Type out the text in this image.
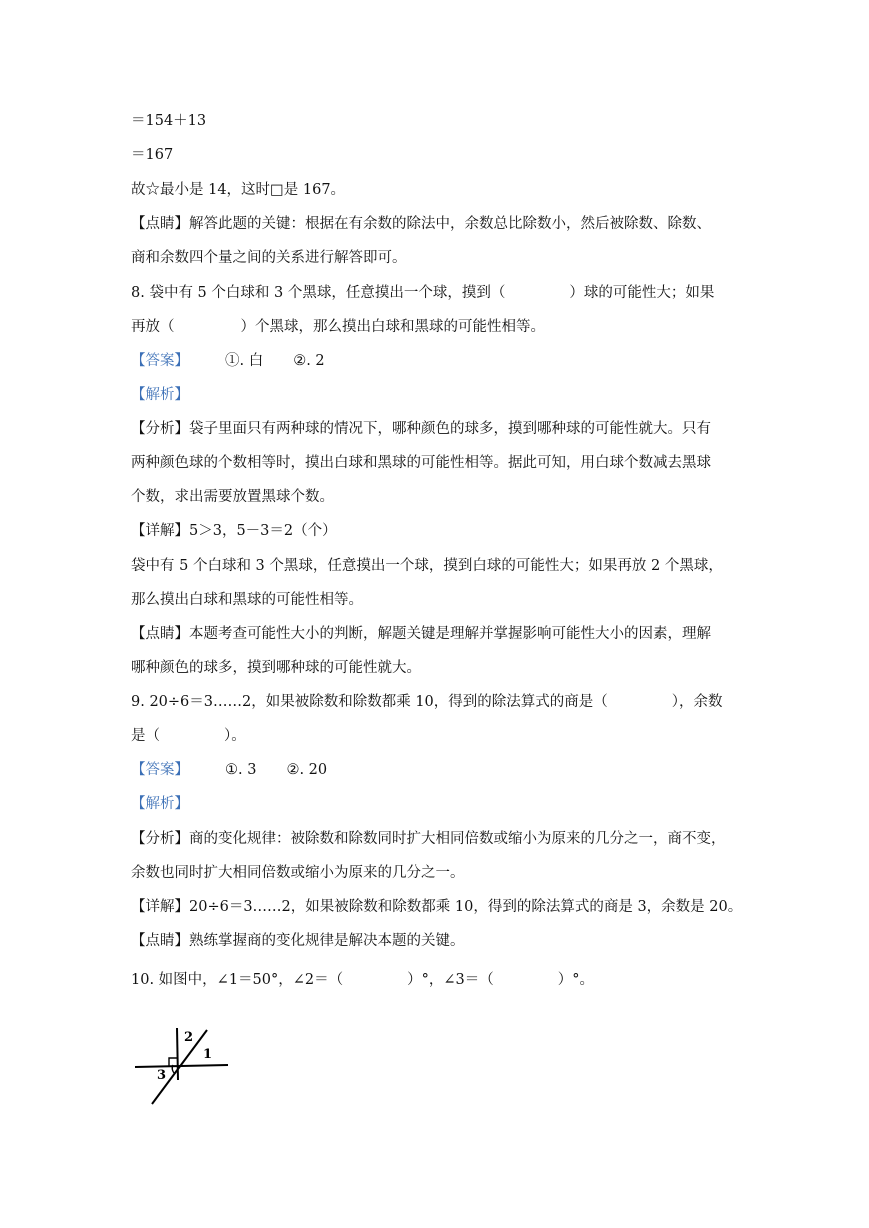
＝154＋13
＝167
故☆最小是 14，这时□是 167。
【点睛】解答此题的关键：根据在有余数的除法中，余数总比除数小，然后被除数、除数、
商和余数四个量之间的关系进行解答即可。
8. 袋中有 5 个白球和 3 个黑球，任意摸出一个球，摸到（	）球的可能性大；如果
再放（	）个黑球，那么摸出白球和黑球的可能性相等。
【答案】 ①. 白 ②. 2
【解析】
【分析】袋子里面只有两种球的情况下，哪种颜色的球多，摸到哪种球的可能性就大。只有
两种颜色球的个数相等时，摸出白球和黑球的可能性相等。据此可知，用白球个数减去黑球
个数，求出需要放置黑球个数。
【详解】5＞3，5－3＝2（个）
袋中有 5 个白球和 3 个黑球，任意摸出一个球，摸到白球的可能性大；如果再放 2 个黑球，
那么摸出白球和黑球的可能性相等。
【点睛】本题考查可能性大小的判断，解题关键是理解并掌握影响可能性大小的因素，理解
哪种颜色的球多，摸到哪种球的可能性就大。
9. 20÷6＝3……2，如果被除数和除数都乘 10，得到的除法算式的商是（	），余数
是（	）。
【答案】 ①. 3 ②. 20
【解析】
【分析】商的变化规律：被除数和除数同时扩大相同倍数或缩小为原来的几分之一，商不变，
余数也同时扩大相同倍数或缩小为原来的几分之一。
【详解】20÷6＝3……2，如果被除数和除数都乘 10，得到的除法算式的商是 3，余数是 20。
【点睛】熟练掌握商的变化规律是解决本题的关键。
10. 如图中，∠1＝50°，∠2＝（	）°，∠3＝（	）°。
2
1
3
